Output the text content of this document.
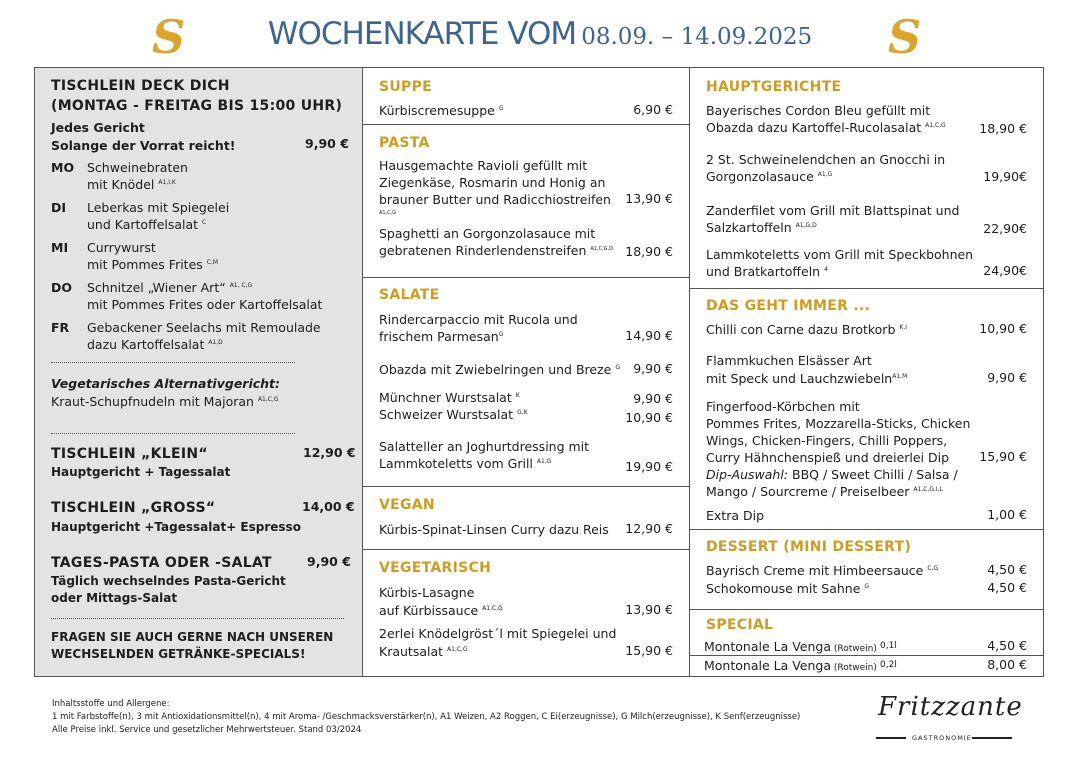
S	WOCHENKARTE VOM 08.09. – 14.09.2025	S
TISCHLEIN DECK DICH
(MONTAG - FREITAG BIS 15:00 UHR)
Jedes Gericht
Solange der Vorrat reicht!	9,90 €
MO Schweinebraten
mit Knödel $^{A1,I,K}$
DI Leberkas mit Spiegelei
und Kartoffelsalat $^C$
MI Currywurst
mit Pommes Frites $^{C,M}$
DO Schnitzel „Wiener Art“ $^{A1, C,G}$
mit Pommes Frites oder Kartoffelsalat
FR Gebackener Seelachs mit Remoulade
dazu Kartoffelsalat $^{A1,D}$
Vegetarisches Alternativgericht:
Kraut-Schupfnudeln mit Majoran $^{A1,C,G}$
TISCHLEIN „KLEIN“	12,90 €
Hauptgericht + Tagessalat
TISCHLEIN „GROSS“	14,00 €
Hauptgericht +Tagessalat+ Espresso
TAGES-PASTA ODER -SALAT	9,90 €
Täglich wechselndes Pasta-Gericht
oder Mittags-Salat
FRAGEN SIE AUCH GERNE NACH UNSEREN
WECHSELNDEN GETRÄNKE-SPECIALS!
SUPPE
Kürbiscremesuppe $^G$	6,90 €
PASTA
Hausgemachte Ravioli gefüllt mit
Ziegenkäse, Rosmarin und Honig an
brauner Butter und Radicchiostreifen
A1,C,G
13,90 €
Spaghetti an Gorgonzolasauce mit
gebratenen Rinderlendenstreifen $^{A1,C,G,D}$ 18,90 €
SALATE
Rindercarpaccio mit Rucola und
frischem Parmesan$^G$	14,90 €
Obazda mit Zwiebelringen und Breze $^G$ 9,90 €
Münchner Wurstsalat $^K$	9,90 €
Schweizer Wurstsalat $^{G,K}$	10,90 €
Salatteller an Joghurtdressing mit
Lammkoteletts vom Grill $^{A1,G}$	19,90 €
VEGAN
Kürbis-Spinat-Linsen Curry dazu Reis 12,90 €
VEGETARISCH
Kürbis-Lasagne
auf Kürbissauce $^{A1,C,G}$	13,90 €
2erlei Knödelgröst´l mit Spiegelei und
Krautsalat $^{A1,C,G}$	15,90 €
HAUPTGERICHTE
Bayerisches Cordon Bleu gefüllt mit
Obazda dazu Kartoffel-Rucolasalat $^{A1,C,G}$	18,90 €
2 St. Schweinelendchen an Gnocchi in
Gorgonzolasauce $^{A1,G}$	19,90€
Zanderfilet vom Grill mit Blattspinat und
Salzkartoffeln $^{A1,G,D}$	22,90€
Lammkoteletts vom Grill mit Speckbohnen
und Bratkartoffeln $^4$	24,90€
DAS GEHT IMMER ...
Chilli con Carne dazu Brotkorb $^{K,I}$	10,90 €
Flammkuchen Elsässer Art
mit Speck und Lauchzwiebeln$^{A1,M}$	9,90 €
Fingerfood-Körbchen mit
Pommes Frites, Mozzarella-Sticks, Chicken
Wings, Chicken-Fingers, Chilli Poppers,
Curry Hähnchenspieß und dreierlei Dip 15,90 €
Dip-Auswahl: BBQ / Sweet Chilli / Salsa /
Mango / Sourcreme / Preiselbeer $^{A1,C,G,I,L}$
Extra Dip	1,00 €
DESSERT (MINI DESSERT)
Bayrisch Creme mit Himbeersauce $^{C,G}$	4,50 €
Schokomouse mit Sahne $^G$	4,50 €
SPECIAL
Montonale La Venga (Rotwein) 0,1l	4,50 €
Montonale La Venga (Rotwein) 0,2l	8,00 €
Inhaltsstoffe und Allergene:
1 mit Farbstoffe(n), 3 mit Antioxidationsmittel(n), 4 mit Aroma- /Geschmacksverstärker(n), A1 Weizen, A2 Roggen, C Ei(erzeugnisse), G Milch(erzeugnisse), K Senf(erzeugnisse)
Alle Preise inkl. Service und gesetzlicher Mehrwertsteuer. Stand 03/2024
Fritzzante
GASTRONOMIE
